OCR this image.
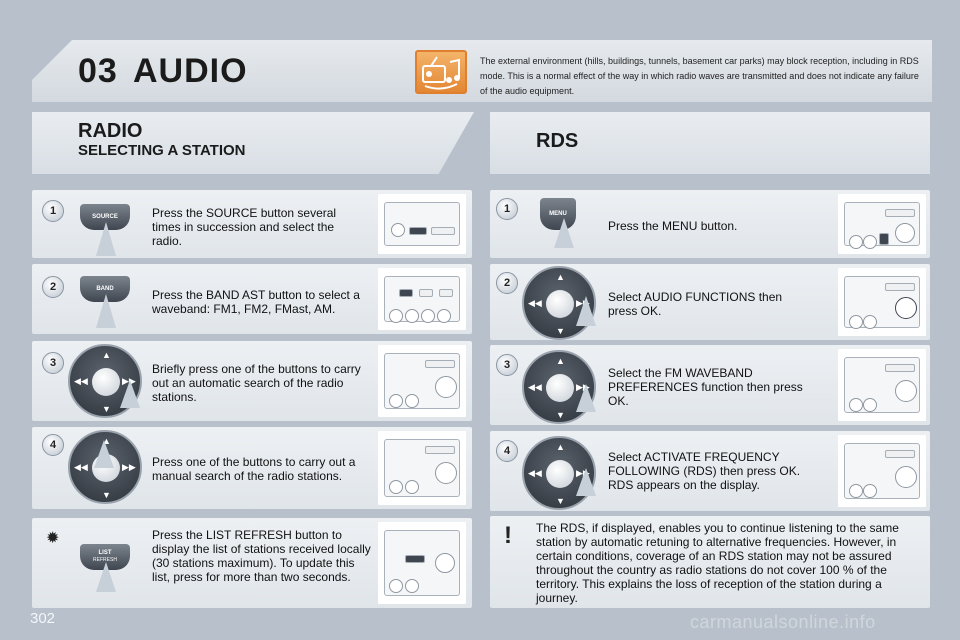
03 AUDIO	The external environment (hills, buildings, tunnels, basement car parks) may block reception, including in RDS mode. This is a normal effect of the way in which radio waves are transmitted and does not indicate any failure of the audio equipment.
RADIO
SELECTING A STATION	RDS
1	SOURCE	Press the SOURCE button several times in succession and select the radio.
2	BAND	Press the BAND AST button to select a waveband: FM1, FM2, FMast, AM.
3
▲
▼
◀◀	▶▶
Briefly press one of the buttons to carry out an automatic search of the radio stations.
4	▲
▼
◀◀	▶▶ Press one of the buttons to carry out a manual search of the radio stations.
✹
LIST
REFRESH
Press the LIST REFRESH button to display the list of stations received locally (30 stations maximum). To update this list, press for more than two seconds.
1	MENU
Press the MENU button.
2	▲
▼
◀◀	▶▶ Select AUDIO FUNCTIONS then press OK.
3	▲
▼
◀◀	▶▶
Select the FM WAVEBAND PREFERENCES function then press OK.
4	▲
▼
◀◀	▶▶
Select ACTIVATE FREQUENCY FOLLOWING (RDS) then press OK. RDS appears on the display.
! The RDS, if displayed, enables you to continue listening to the same station by automatic retuning to alternative frequencies. However, in certain conditions, coverage of an RDS station may not be assured throughout the country as radio stations do not cover 100 % of the territory. This explains the loss of reception of the station during a journey.
302	carmanualsonline.info
